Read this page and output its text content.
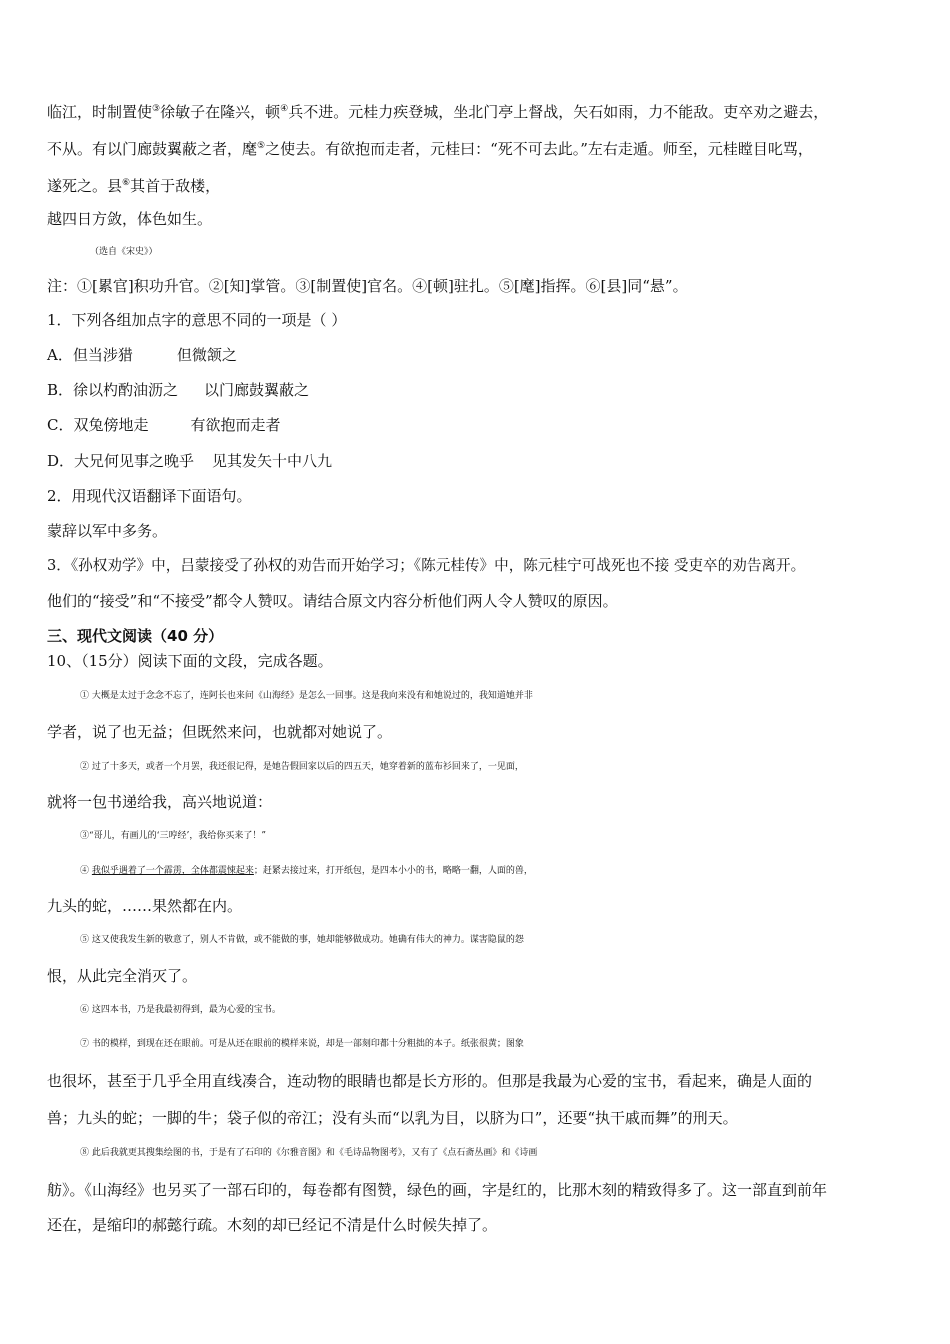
临江，时制置使③徐敏子在隆兴，顿④兵不进。元桂力疾登城，坐北门亭上督战，矢石如雨，力不能敌。吏卒劝之避去，
不从。有以门廊鼓翼蔽之者，麾⑤之使去。有欲抱而走者，元桂曰：“死不可去此。”左右走遁。师至，元桂瞠目叱骂，
遂死之。县⑥其首于敌楼，
越四日方敛，体色如生。
（选自《宋史》）
注：①[累官]积功升官。②[知]掌管。③[制置使]官名。④[顿]驻扎。⑤[麾]指挥。⑥[县]同“悬”。
1．下列各组加点字的意思不同的一项是（ ）
A．但当涉猎	但微颔之
B．徐以杓酌油沥之 以门廊鼓翼蔽之
C．双兔傍地走	有欲抱而走者
D．大兄何见事之晚乎 见其发矢十中八九
2．用现代汉语翻译下面语句。
蒙辞以军中多务。
3．《孙权劝学》中，吕蒙接受了孙权的劝告而开始学习；《陈元桂传》中，陈元桂宁可战死也不接 受吏卒的劝告离开。
他们的“接受”和“不接受”都令人赞叹。请结合原文内容分析他们两人令人赞叹的原因。
三、现代文阅读（40 分）
10、（15分）阅读下面的文段，完成各题。
① 大概是太过于念念不忘了，连阿长也来问《山海经》是怎么一回事。这是我向来没有和她说过的，我知道她并非
学者，说了也无益；但既然来问，也就都对她说了。
② 过了十多天，或者一个月罢，我还很记得，是她告假回家以后的四五天，她穿着新的蓝布衫回来了，一见面，
就将一包书递给我，高兴地说道：
③“哥儿，有画儿的‘三哼经’，我给你买来了！”
④ 我似乎遇着了一个霹雳，全体都震悚起来；赶紧去接过来，打开纸包，是四本小小的书，略略一翻，人面的兽，
九头的蛇，……果然都在内。
⑤ 这又使我发生新的敬意了，别人不肯做，或不能做的事，她却能够做成功。她确有伟大的神力。谋害隐鼠的怨
恨，从此完全消灭了。
⑥ 这四本书，乃是我最初得到，最为心爱的宝书。
⑦ 书的模样，到现在还在眼前。可是从还在眼前的模样来说，却是一部刻印都十分粗拙的本子。纸张很黄；图象
也很坏，甚至于几乎全用直线凑合，连动物的眼睛也都是长方形的。但那是我最为心爱的宝书，看起来，确是人面的
兽；九头的蛇；一脚的牛；袋子似的帝江；没有头而“以乳为目，以脐为口”，还要“执干戚而舞”的刑天。
⑧ 此后我就更其搜集绘图的书，于是有了石印的《尔雅音图》和《毛诗品物图考》，又有了《点石斋丛画》和《诗画
舫》。《山海经》也另买了一部石印的，每卷都有图赞，绿色的画，字是红的，比那木刻的精致得多了。这一部直到前年
还在，是缩印的郝懿行疏。木刻的却已经记不清是什么时候失掉了。
